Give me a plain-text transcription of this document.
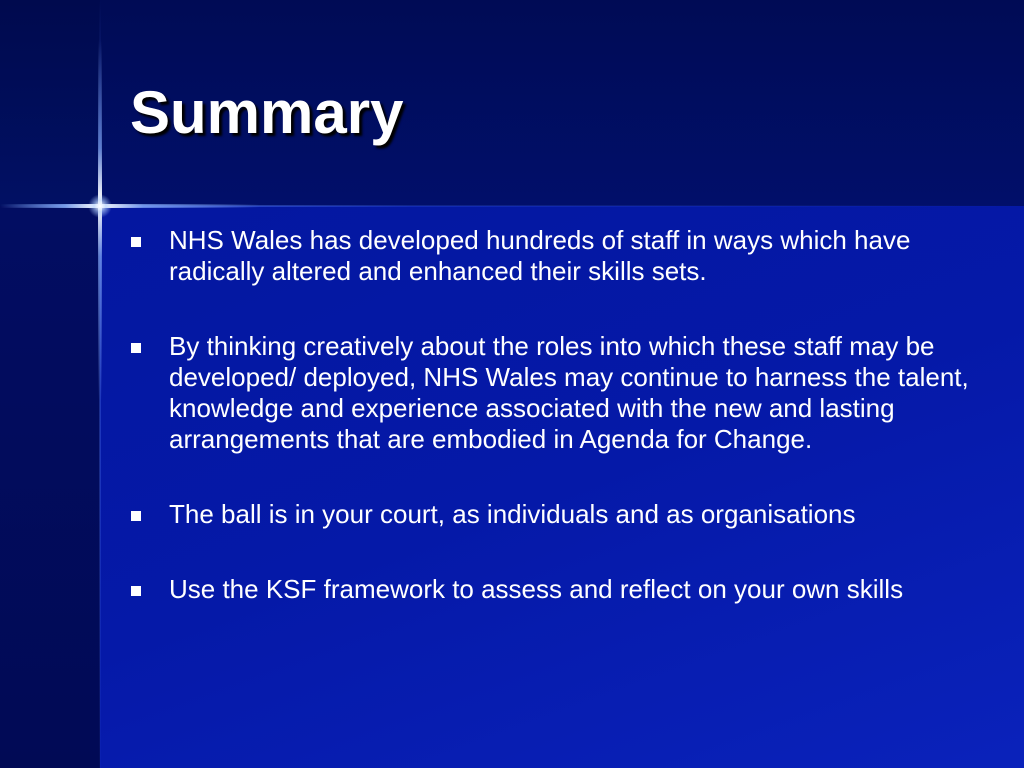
Summary
NHS Wales has developed hundreds of staff in ways which have radically altered and enhanced their skills sets.
By thinking creatively about the roles into which these staff may be developed/ deployed, NHS Wales may continue to harness the talent, knowledge and experience associated with the new and lasting arrangements that are embodied in Agenda for Change.
The ball is in your court, as individuals and as organisations
Use the KSF framework to assess and reflect on your own skills
